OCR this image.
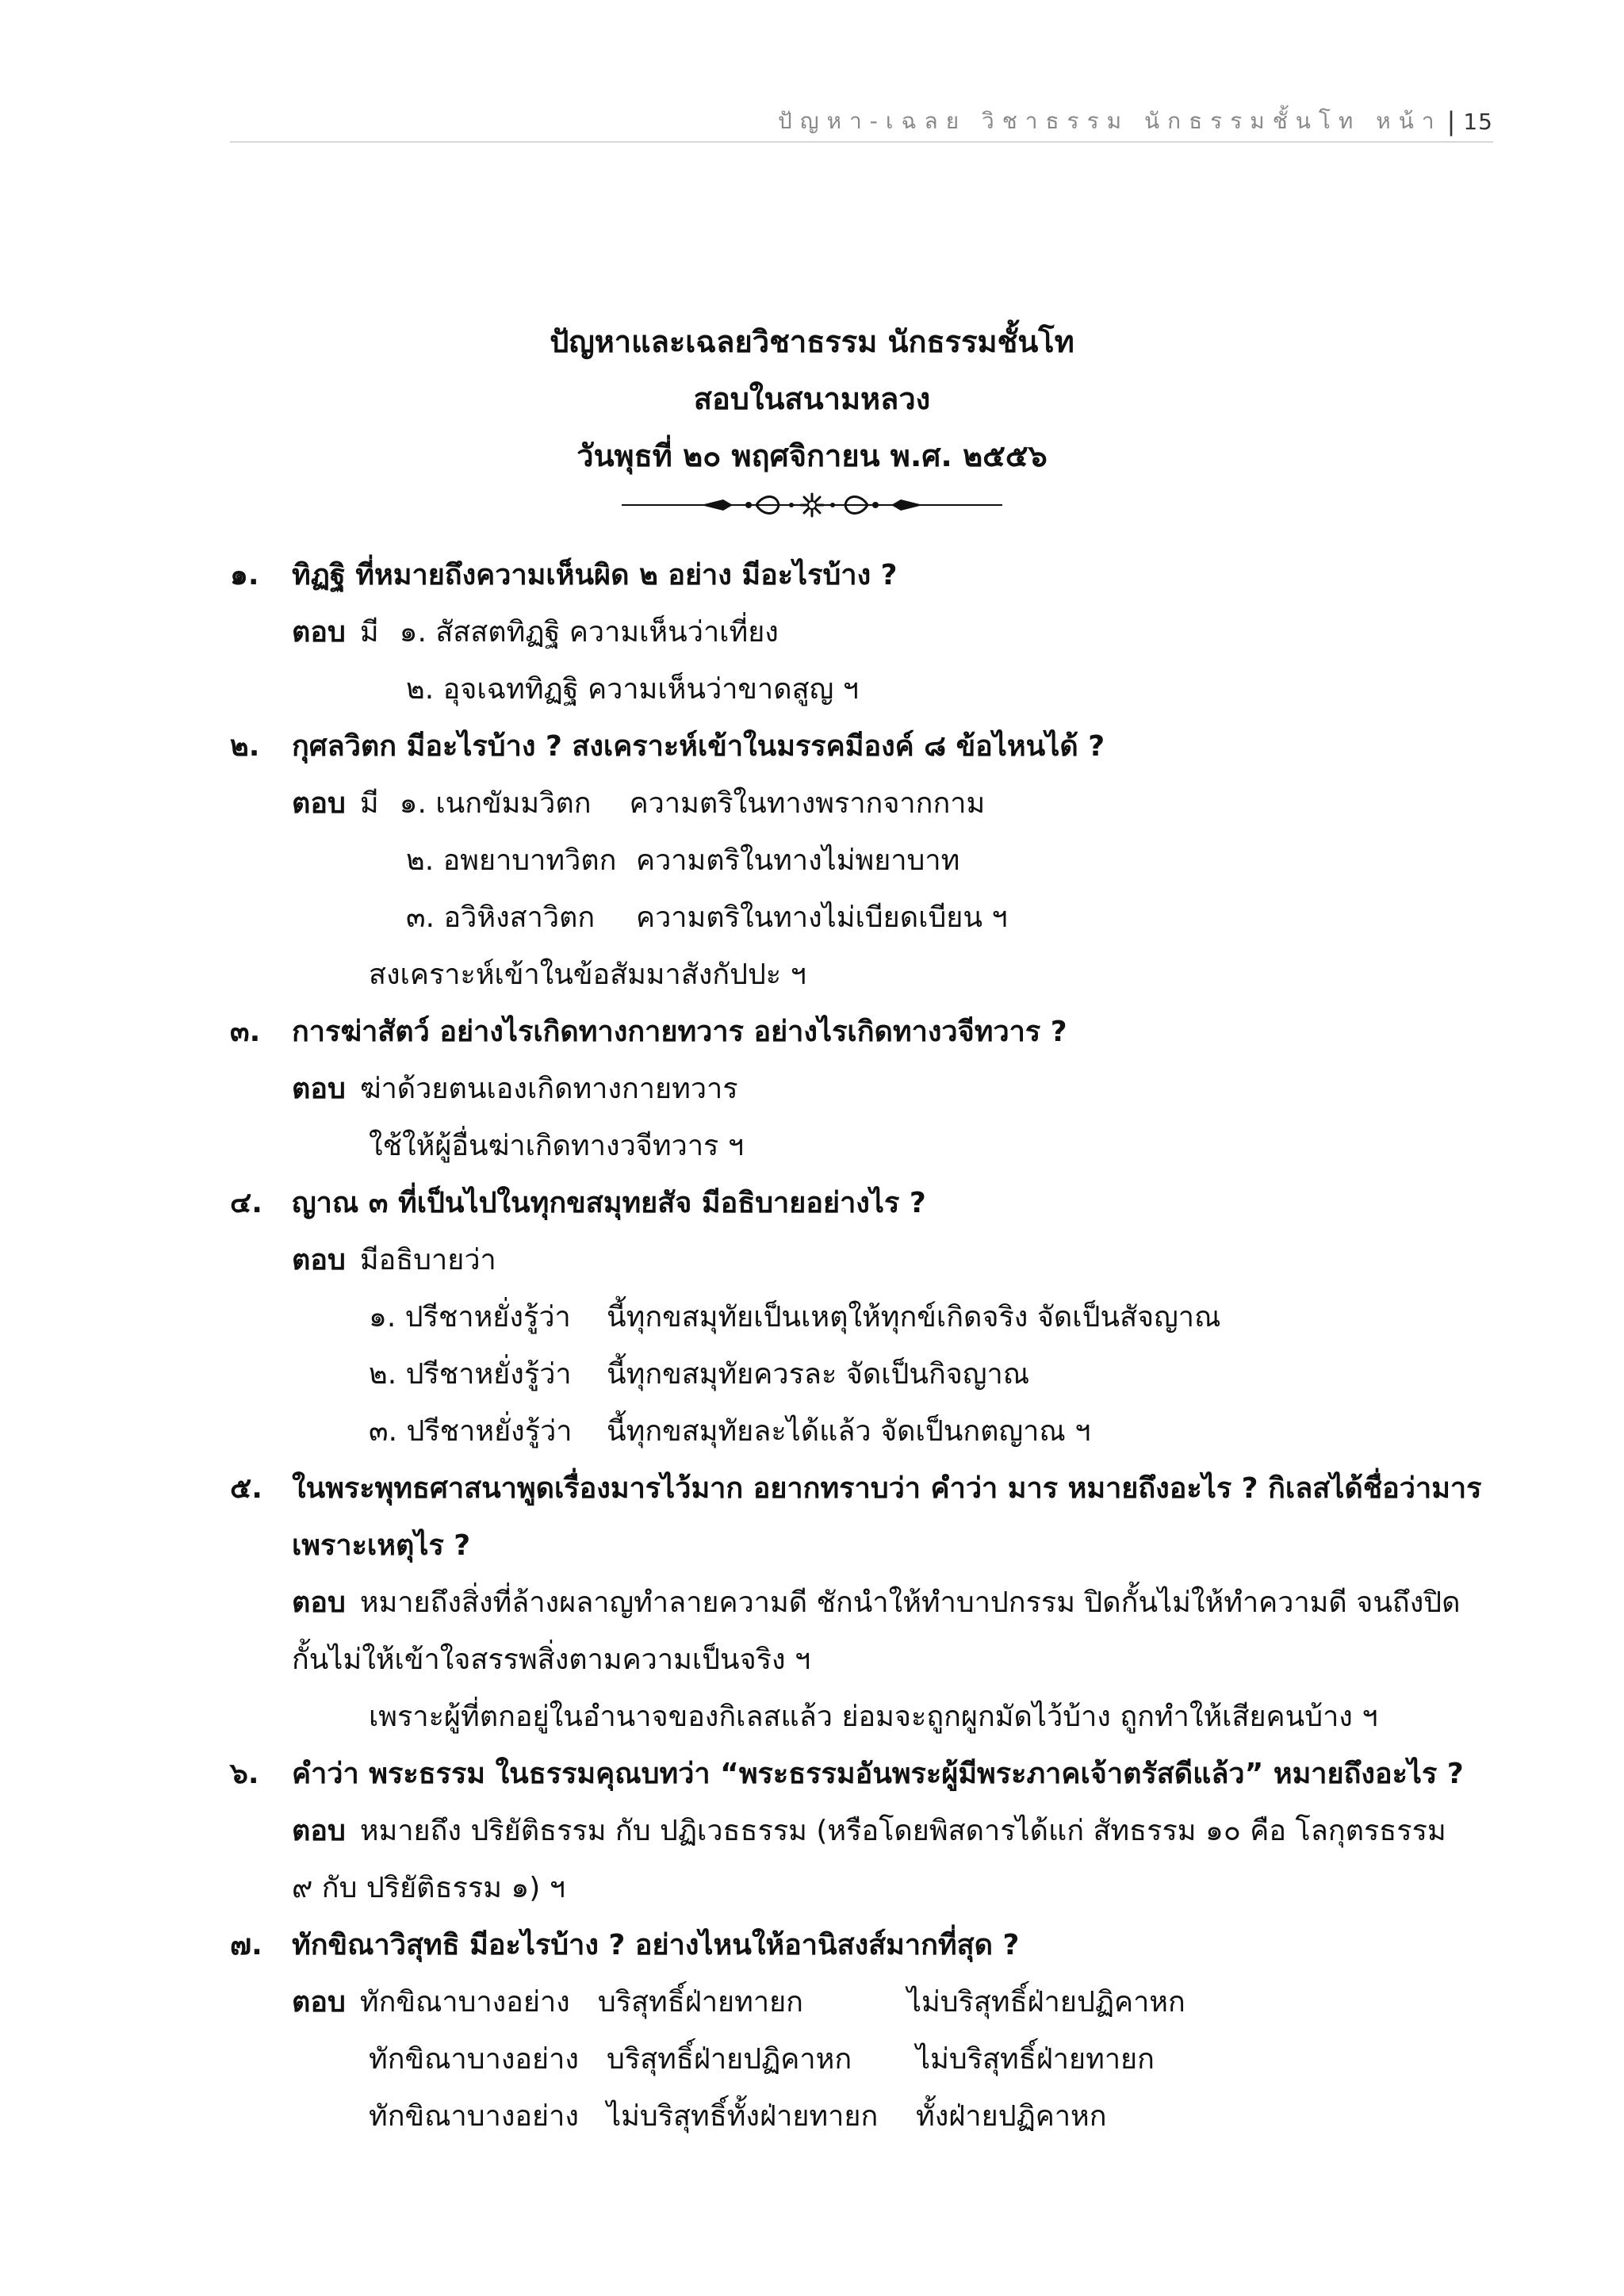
ปัญหา-เฉลย วิชาธรรม นักธรรมชั้นโท หน้า | 15
ปัญหาและเฉลยวิชาธรรม นักธรรมชั้นโท
สอบในสนามหลวง
วันพุธที่ ๒๐ พฤศจิกายน พ.ศ. ๒๕๕๖
๑. ทิฏฐิ ที่หมายถึงความเห็นผิด ๒ อย่าง มีอะไรบ้าง ?
ตอบ มี ๑. สัสสตทิฏฐิ ความเห็นว่าเที่ยง
๒. อุจเฉททิฏฐิ ความเห็นว่าขาดสูญ ฯ
๒. กุศลวิตก มีอะไรบ้าง ? สงเคราะห์เข้าในมรรคมีองค์ ๘ ข้อไหนได้ ?
ตอบ มี ๑. เนกขัมมวิตก ความตริในทางพรากจากกาม
๒. อพยาบาทวิตก ความตริในทางไม่พยาบาท
๓. อวิหิงสาวิตก ความตริในทางไม่เบียดเบียน ฯ
สงเคราะห์เข้าในข้อสัมมาสังกัปปะ ฯ
๓. การฆ่าสัตว์ อย่างไรเกิดทางกายทวาร อย่างไรเกิดทางวจีทวาร ?
ตอบ ฆ่าด้วยตนเองเกิดทางกายทวาร
ใช้ให้ผู้อื่นฆ่าเกิดทางวจีทวาร ฯ
๔. ญาณ ๓ ที่เป็นไปในทุกขสมุทยสัจ มีอธิบายอย่างไร ?
ตอบ มีอธิบายว่า
๑. ปรีชาหยั่งรู้ว่า นี้ทุกขสมุทัยเป็นเหตุให้ทุกข์เกิดจริง จัดเป็นสัจญาณ
๒. ปรีชาหยั่งรู้ว่า นี้ทุกขสมุทัยควรละ จัดเป็นกิจญาณ
๓. ปรีชาหยั่งรู้ว่า นี้ทุกขสมุทัยละได้แล้ว จัดเป็นกตญาณ ฯ
๕. ในพระพุทธศาสนาพูดเรื่องมารไว้มาก อยากทราบว่า คำว่า มาร หมายถึงอะไร ? กิเลสได้ชื่อว่ามาร
เพราะเหตุไร ?
ตอบ หมายถึงสิ่งที่ล้างผลาญทำลายความดี ชักนำให้ทำบาปกรรม ปิดกั้นไม่ให้ทำความดี จนถึงปิด
กั้นไม่ให้เข้าใจสรรพสิ่งตามความเป็นจริง ฯ
เพราะผู้ที่ตกอยู่ในอำนาจของกิเลสแล้ว ย่อมจะถูกผูกมัดไว้บ้าง ถูกทำให้เสียคนบ้าง ฯ
๖. คำว่า พระธรรม ในธรรมคุณบทว่า “พระธรรมอันพระผู้มีพระภาคเจ้าตรัสดีแล้ว” หมายถึงอะไร ?
ตอบ หมายถึง ปริยัติธรรม กับ ปฏิเวธธรรม (หรือโดยพิสดารได้แก่ สัทธรรม ๑๐ คือ โลกุตรธรรม
๙ กับ ปริยัติธรรม ๑) ฯ
๗. ทักขิณาวิสุทธิ มีอะไรบ้าง ? อย่างไหนให้อานิสงส์มากที่สุด ?
ตอบ ทักขิณาบางอย่าง บริสุทธิ์ฝ่ายทายก	ไม่บริสุทธิ์ฝ่ายปฏิคาหก
ทักขิณาบางอย่าง บริสุทธิ์ฝ่ายปฏิคาหก ไม่บริสุทธิ์ฝ่ายทายก
ทักขิณาบางอย่าง ไม่บริสุทธิ์ทั้งฝ่ายทายก ทั้งฝ่ายปฏิคาหก
